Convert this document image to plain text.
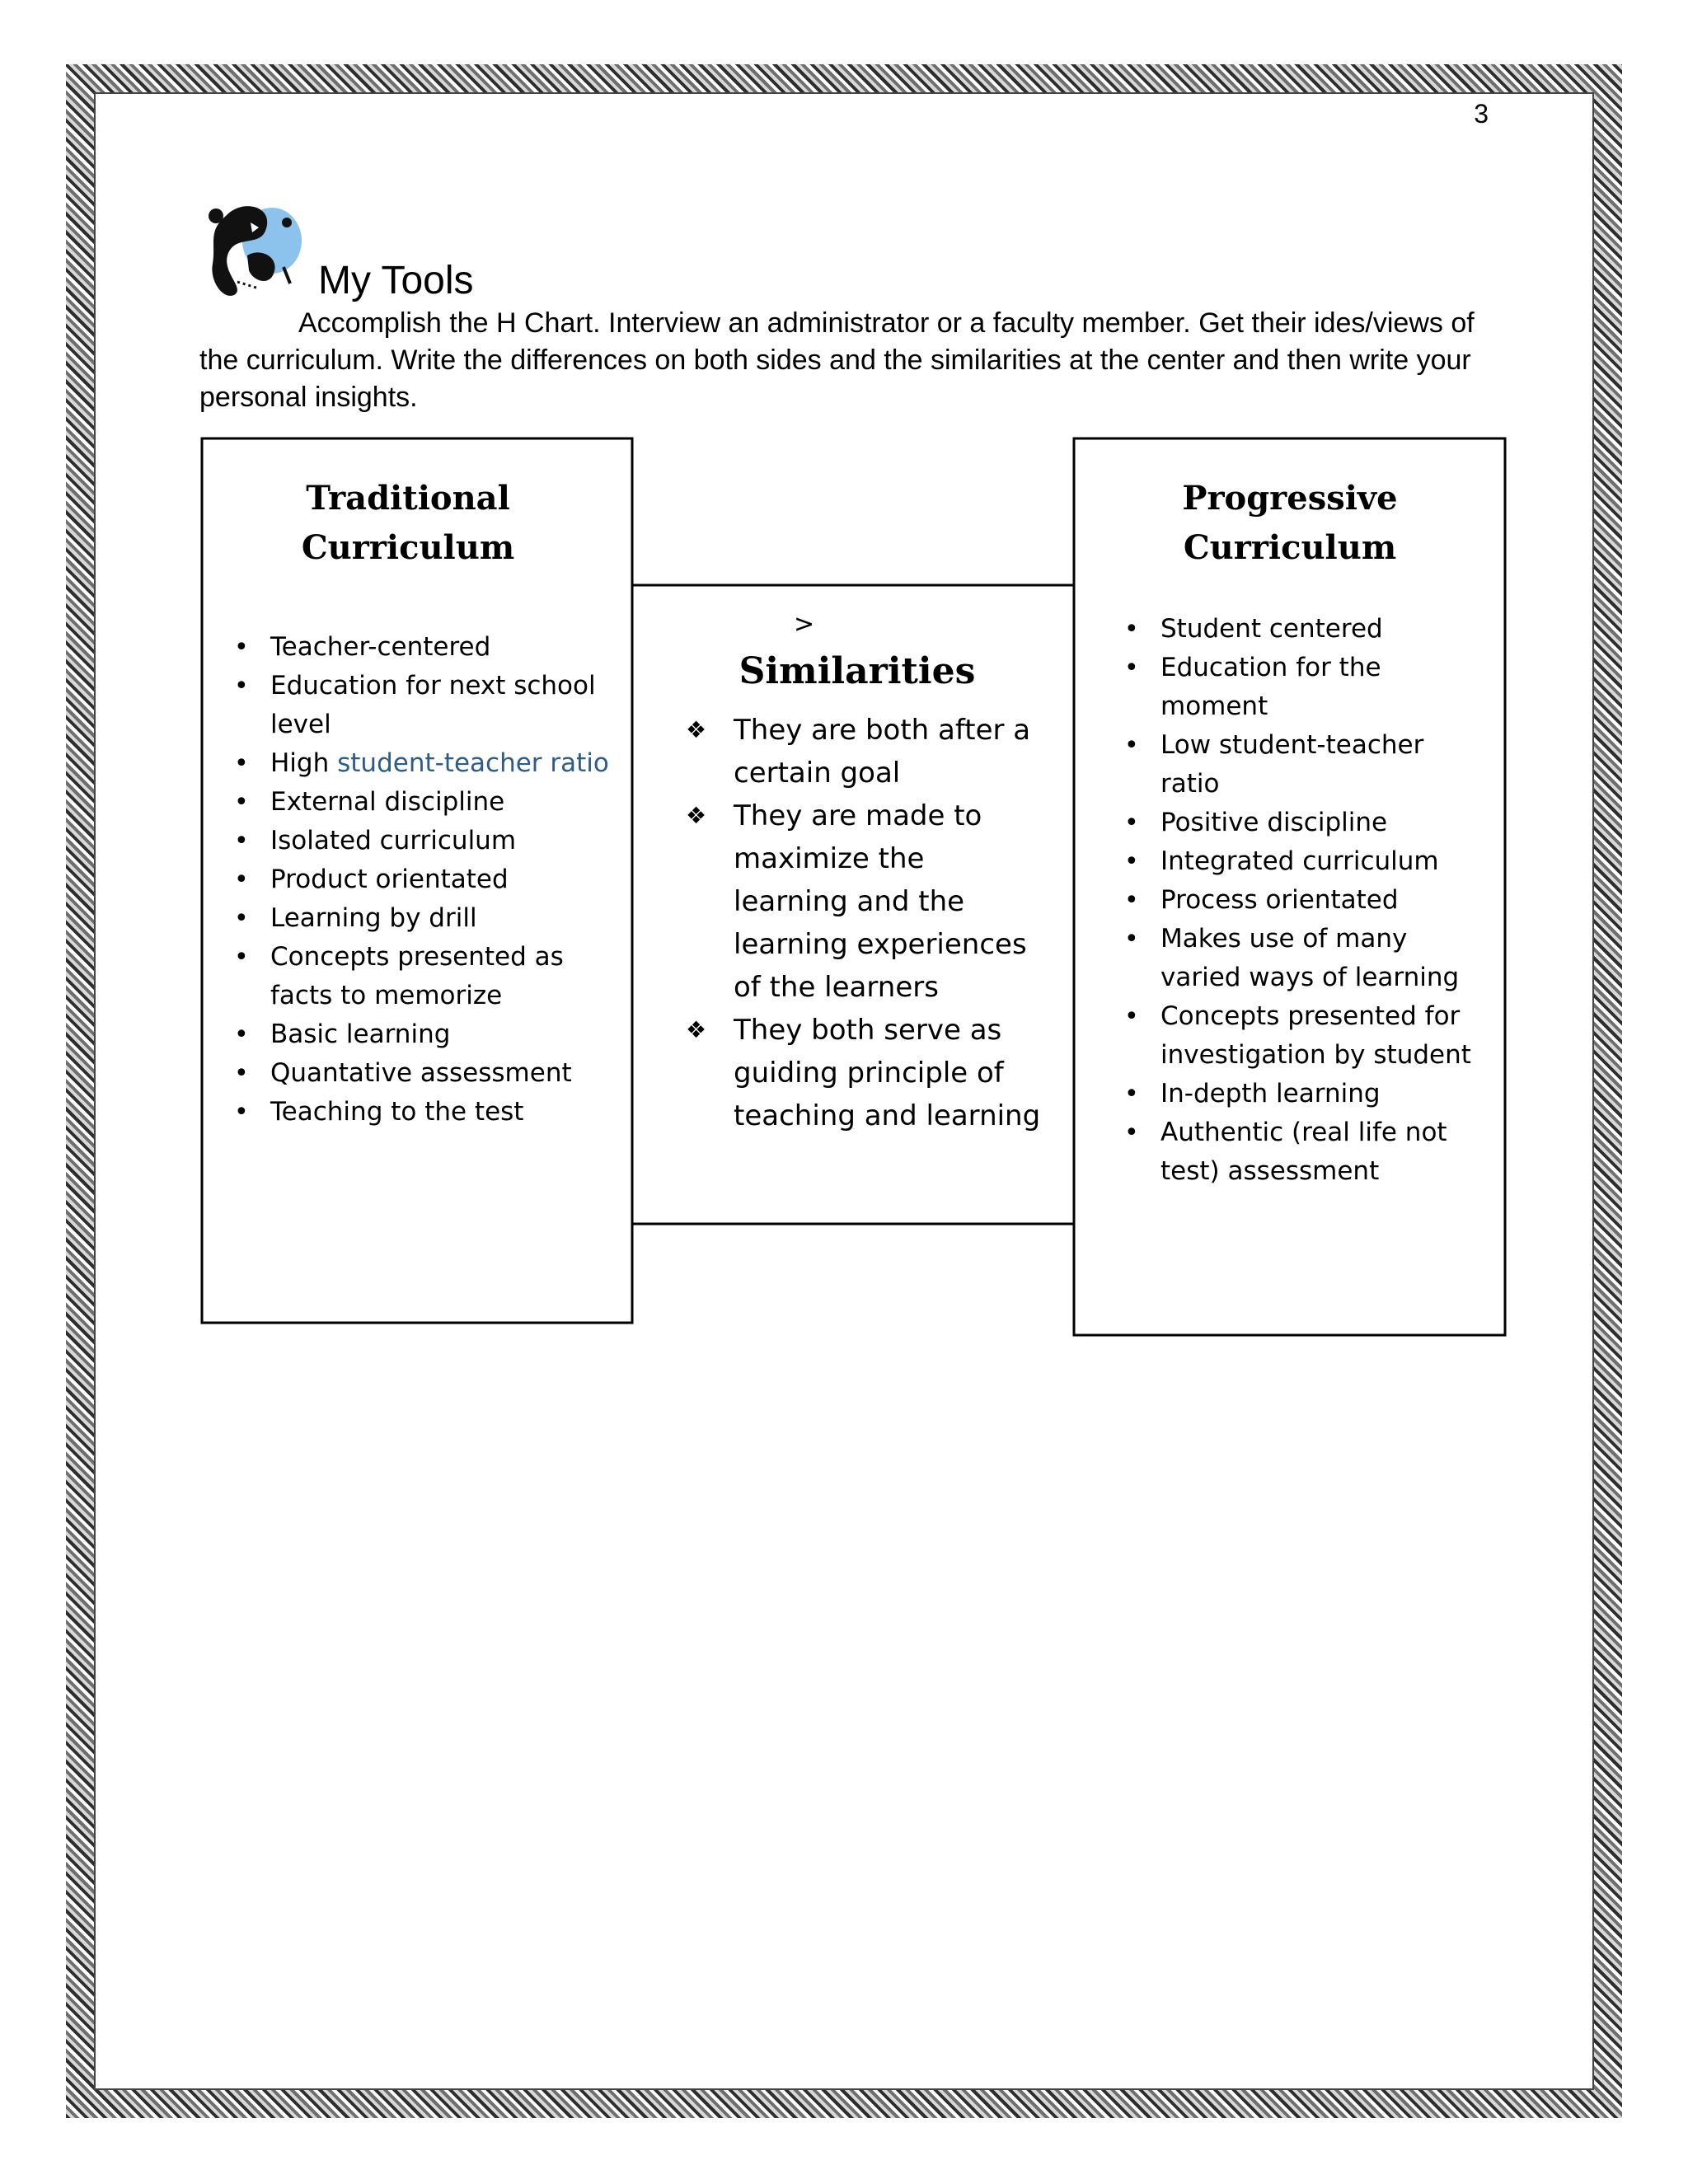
3
My Tools
Accomplish the H Chart. Interview an administrator or a faculty member. Get their ides/views of the curriculum. Write the differences on both sides and the similarities at the center and then write your personal insights.
Traditional
Curriculum
• Teacher-centered
• Education for next school level
• High student-teacher ratio
• External discipline
• Isolated curriculum
• Product orientated
• Learning by drill
• Concepts presented as facts to memorize
• Basic learning
• Quantative assessment
• Teaching to the test
>
Similarities
❖ They are both after a certain goal
❖ They are made to maximize the learning and the learning experiences of the learners
❖ They both serve as guiding principle of teaching and learning
Progressive
Curriculum
• Student centered
• Education for the moment
• Low student-teacher ratio
• Positive discipline
• Integrated curriculum
• Process orientated
• Makes use of many varied ways of learning
• Concepts presented for investigation by student
• In-depth learning
• Authentic (real life not test) assessment
